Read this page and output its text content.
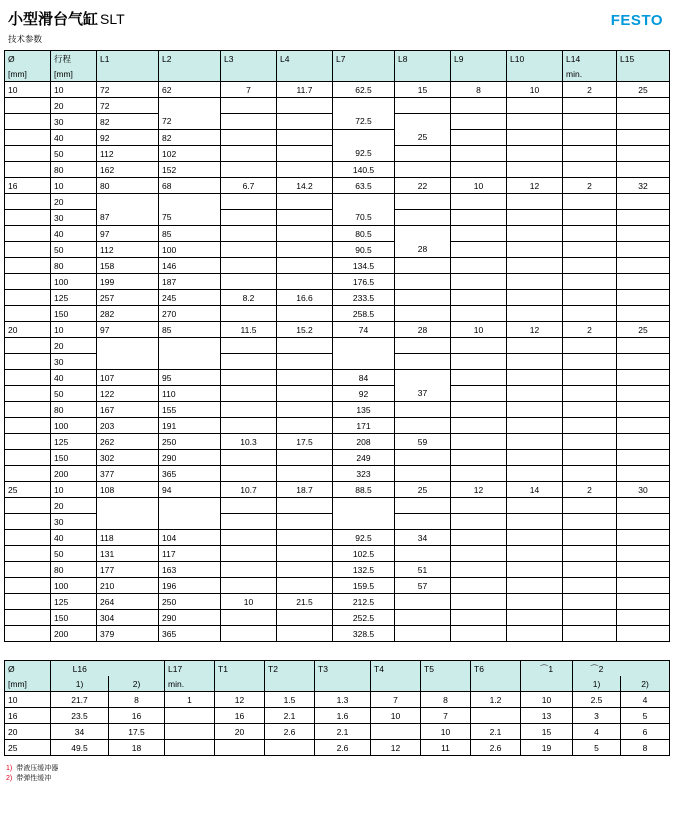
小型滑台气缸 SLT
技术参数
FESTO
Ø	行程	L1	L2	L3	L4	L7	L8	L9	L10	L14	L15
[mm]	[mm]									min.	
10	10	72	62	7	11.7	62.5	15	8	10	2	25
	20	72									
	30	82	72			72.5					
	40	92	82				25				
	50	112	102			92.5					
	80	162	152			140.5					
16	10	80	68	6.7	14.2	63.5	22	10	12	2	32
	20										
	30	87	75			70.5					
	40	97	85			80.5					
	50	112	100			90.5	28				
	80	158	146			134.5					
	100	199	187			176.5					
	125	257	245	8.2	16.6	233.5					
	150	282	270			258.5					
20	10	97	85	11.5	15.2	74	28	10	12	2	25
	20										
	30										
	40	107	95			84					
	50	122	110			92	37				
	80	167	155			135					
	100	203	191			171					
	125	262	250	10.3	17.5	208	59				
	150	302	290			249					
	200	377	365			323					
25	10	108	94	10.7	18.7	88.5	25	12	14	2	30
	20										
	30										
	40	118	104			92.5	34				
	50	131	117			102.5					
	80	177	163			132.5	51				
	100	210	196			159.5	57				
	125	264	250	10	21.5	212.5					
	150	304	290			252.5					
	200	379	365			328.5					
Ø	L16		L17	T1	T2	T3	T4	T5	T6	⌒1	⌒2	
[mm]	1)	2)	min.								1)	2)
10	21.7	8	1	12	1.5	1.3	7	8	1.2	10	2.5	4
16	23.5	16		16	2.1	1.6	10	7		13	3	5
20	34	17.5		20	2.6	2.1		10	2.1	15	4	6
25	49.5	18				2.6	12	11	2.6	19	5	8
1) 带液压缓冲器
2) 带弹性缓冲
